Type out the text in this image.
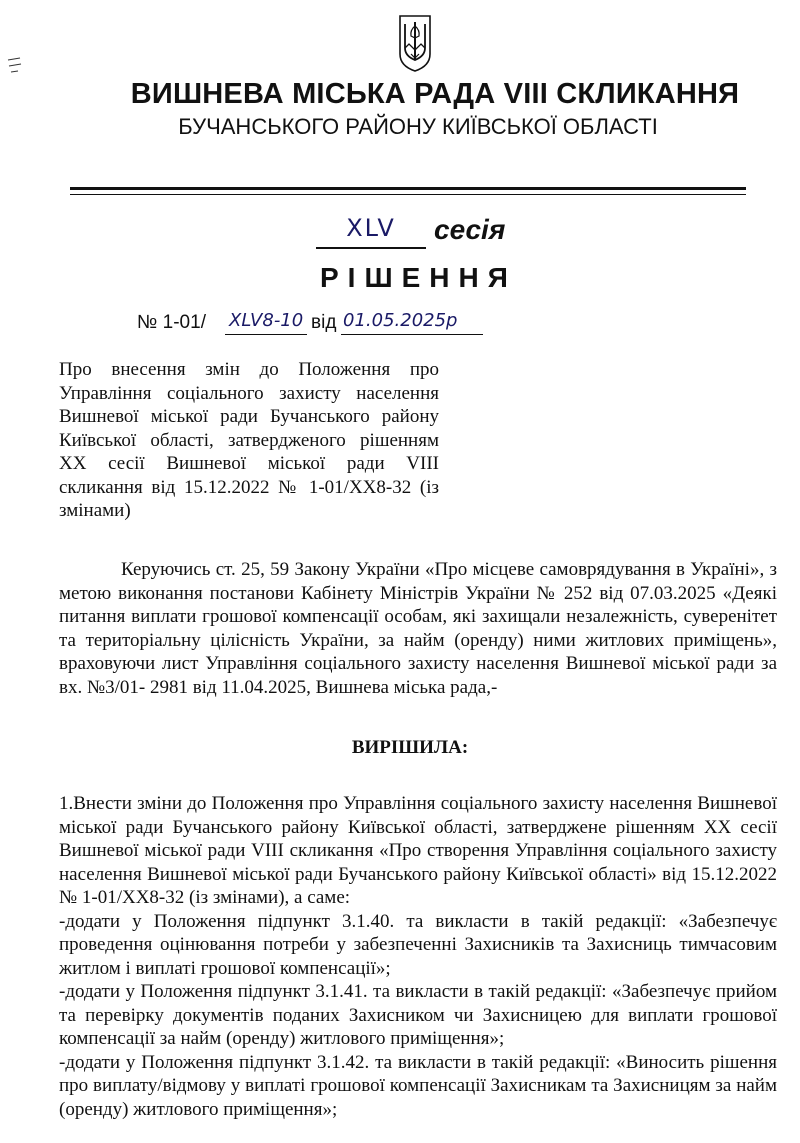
ВИШНЕВА МІСЬКА РАДА VIII СКЛИКАННЯ
БУЧАНСЬКОГО РАЙОНУ КИЇВСЬКОЇ ОБЛАСТІ
XLV	сесія
РІШЕННЯ
№ 1-01/ XLV8-10 від 01.05.2025р
Про внесення змін до Положення про Управління соціального захисту населення Вишневої міської ради Бучанського району Київської області, затвердженого рішенням XX сесії Вишневої міської ради VIII скликання від 15.12.2022 № 1-01/XX8-32 (із змінами)
Керуючись ст. 25, 59 Закону України «Про місцеве самоврядування в Україні», з метою виконання постанови Кабінету Міністрів України № 252 від 07.03.2025 «Деякі питання виплати грошової компенсації особам, які захищали незалежність, суверенітет та територіальну цілісність України, за найм (оренду) ними житлових приміщень», враховуючи лист Управління соціального захисту населення Вишневої міської ради за вх. №3/01- 2981 від 11.04.2025, Вишнева міська рада,-
ВИРІШИЛА:

1.Внести зміни до Положення про Управління соціального захисту населення Вишневої міської ради Бучанського району Київської області, затверджене рішенням XX сесії Вишневої міської ради VIII скликання «Про створення Управління соціального захисту населення Вишневої міської ради Бучанського району Київської області» від 15.12.2022 № 1-01/XX8-32 (із змінами), а саме:

-додати у Положення підпункт 3.1.40. та викласти в такій редакції: «Забезпечує проведення оцінювання потреби у забезпеченні Захисників та Захисниць тимчасовим житлом і виплаті грошової компенсації»;

-додати у Положення підпункт 3.1.41. та викласти в такій редакції: «Забезпечує прийом та перевірку документів поданих Захисником чи Захисницею для виплати грошової компенсації за найм (оренду) житлового приміщення»;

-додати у Положення підпункт 3.1.42. та викласти в такій редакції: «Виносить рішення про виплату/відмову у виплаті грошової компенсації Захисникам та Захисницям за найм (оренду) житлового приміщення»;
